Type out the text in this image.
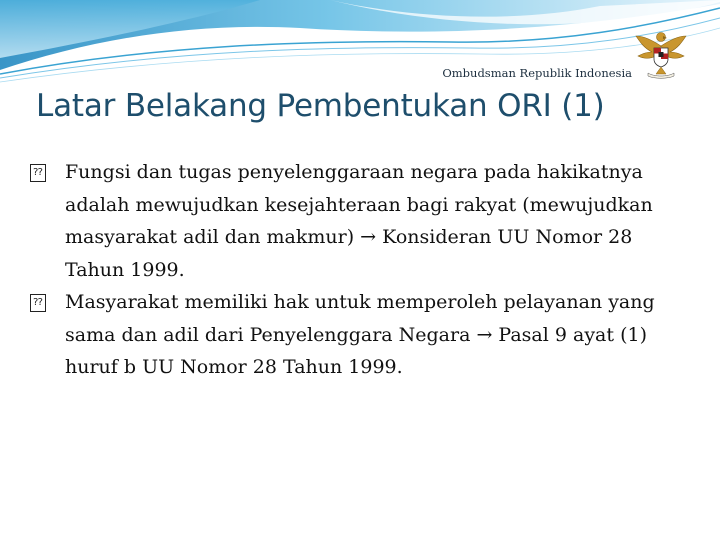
Ombudsman Republik Indonesia
Latar Belakang Pembentukan ORI (1)
⁇ Fungsi dan tugas penyelenggaraan negara pada hakikatnya adalah mewujudkan kesejahteraan bagi rakyat (mewujudkan masyarakat adil dan makmur) → Konsideran UU Nomor 28 Tahun 1999.
⁇ Masyarakat memiliki hak untuk memperoleh pelayanan yang sama dan adil dari Penyelenggara Negara → Pasal 9 ayat (1) huruf b UU Nomor 28 Tahun 1999.
